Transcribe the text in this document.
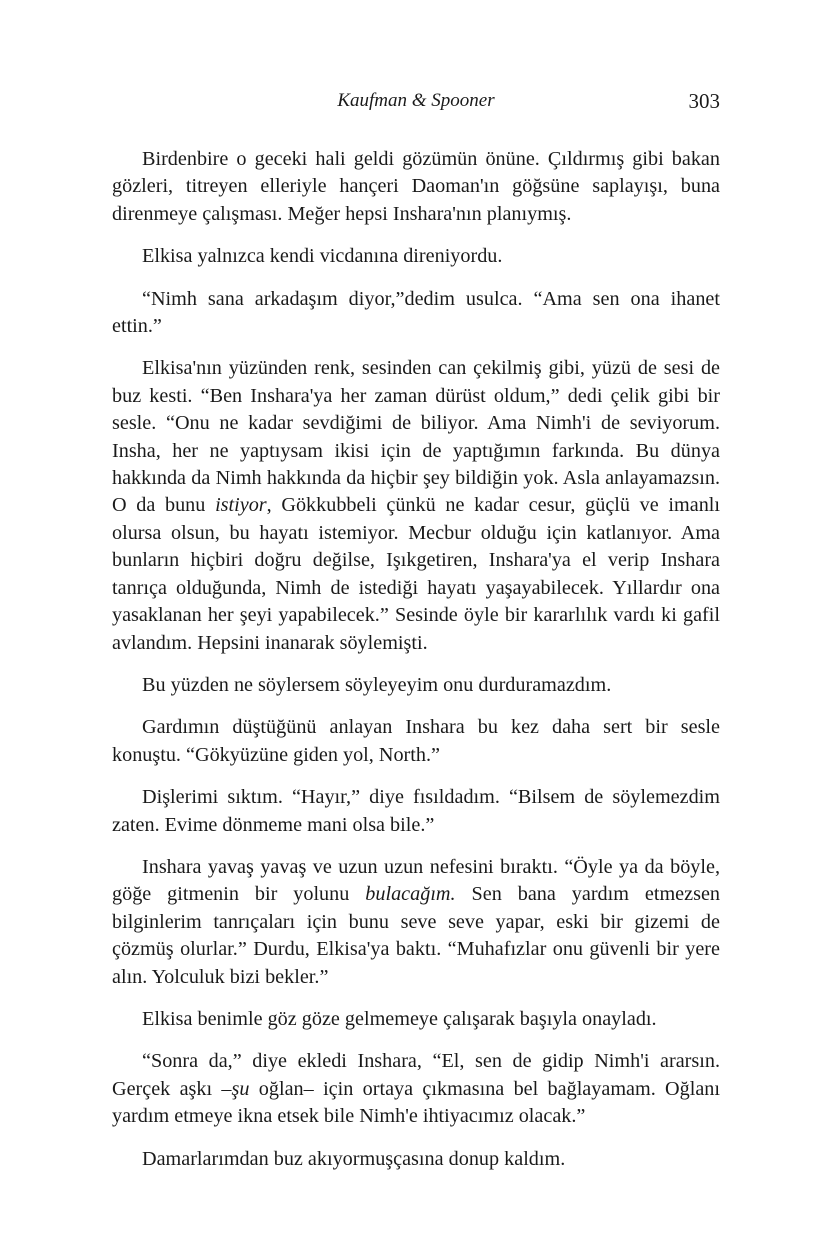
Kaufman & Spooner	303

Birdenbire o geceki hali geldi gözümün önüne. Çıldırmış gibi bakan gözleri, titreyen elleriyle hançeri Daoman'ın göğsüne saplayışı, buna direnmeye çalışması. Meğer hepsi Inshara'nın planıymış.

Elkisa yalnızca kendi vicdanına direniyordu.

“Nimh sana arkadaşım diyor,”dedim usulca. “Ama sen ona ihanet ettin.”

Elkisa'nın yüzünden renk, sesinden can çekilmiş gibi, yüzü de sesi de buz kesti. “Ben Inshara'ya her zaman dürüst oldum,” dedi çelik gibi bir sesle. “Onu ne kadar sevdiğimi de biliyor. Ama Nimh'i de seviyorum. Insha, her ne yaptıysam ikisi için de yaptığımın farkında. Bu dünya hakkında da Nimh hakkında da hiçbir şey bildiğin yok. Asla anlayamazsın. O da bunu istiyor, Gökkubbeli çünkü ne kadar cesur, güçlü ve imanlı olursa olsun, bu hayatı istemiyor. Mecbur olduğu için katlanıyor. Ama bunların hiçbiri doğru değilse, Işıkgetiren, Inshara'ya el verip Inshara tanrıça olduğunda, Nimh de istediği hayatı yaşayabilecek. Yıllardır ona yasaklanan her şeyi yapabilecek.” Sesinde öyle bir kararlılık vardı ki gafil avlandım. Hepsini inanarak söylemişti.

Bu yüzden ne söylersem söyleyeyim onu durduramazdım.

Gardımın düştüğünü anlayan Inshara bu kez daha sert bir sesle konuştu. “Gökyüzüne giden yol, North.”

Dişlerimi sıktım. “Hayır,” diye fısıldadım. “Bilsem de söylemezdim zaten. Evime dönmeme mani olsa bile.”

Inshara yavaş yavaş ve uzun uzun nefesini bıraktı. “Öyle ya da böyle, göğe gitmenin bir yolunu bulacağım. Sen bana yardım etmezsen bilginlerim tanrıçaları için bunu seve seve yapar, eski bir gizemi de çözmüş olurlar.” Durdu, Elkisa'ya baktı. “Muhafızlar onu güvenli bir yere alın. Yolculuk bizi bekler.”

Elkisa benimle göz göze gelmemeye çalışarak başıyla onayladı.

“Sonra da,” diye ekledi Inshara, “El, sen de gidip Nimh'i ararsın. Gerçek aşkı –şu oğlan– için ortaya çıkmasına bel bağlayamam. Oğlanı yardım etmeye ikna etsek bile Nimh'e ihtiyacımız olacak.”

Damarlarımdan buz akıyormuşçasına donup kaldım.
